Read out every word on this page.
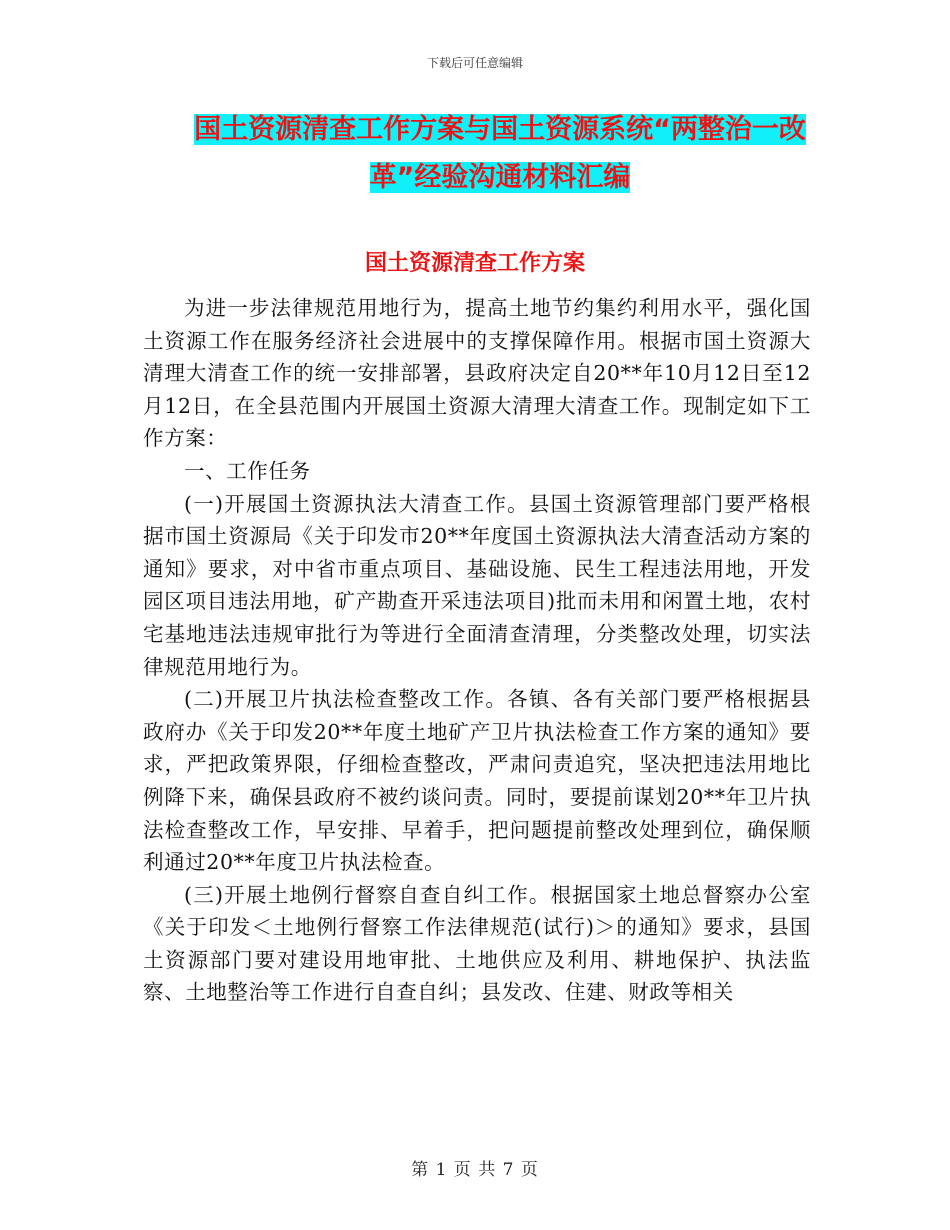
下载后可任意编辑
国土资源清查工作方案与国土资源系统“两整治一改
革”经验沟通材料汇编
国土资源清查工作方案

为进一步法律规范用地行为，提高土地节约集约利用水平，强化国土资源工作在服务经济社会进展中的支撑保障作用。根据市国土资源大清理大清查工作的统一安排部署，县政府决定自20**年10月12日至12月12日，在全县范围内开展国土资源大清理大清查工作。现制定如下工作方案：

一、工作任务

(一)开展国土资源执法大清查工作。县国土资源管理部门要严格根据市国土资源局《关于印发市20**年度国土资源执法大清查活动方案的通知》要求，对中省市重点项目、基础设施、民生工程违法用地，开发园区项目违法用地，矿产勘查开采违法项目)批而未用和闲置土地，农村宅基地违法违规审批行为等进行全面清查清理，分类整改处理，切实法律规范用地行为。

(二)开展卫片执法检查整改工作。各镇、各有关部门要严格根据县政府办《关于印发20**年度土地矿产卫片执法检查工作方案的通知》要求，严把政策界限，仔细检查整改，严肃问责追究，坚决把违法用地比例降下来，确保县政府不被约谈问责。同时，要提前谋划20**年卫片执法检查整改工作，早安排、早着手，把问题提前整改处理到位，确保顺利通过20**年度卫片执法检查。

(三)开展土地例行督察自查自纠工作。根据国家土地总督察办公室《关于印发＜土地例行督察工作法律规范(试行)＞的通知》要求，县国土资源部门要对建设用地审批、土地供应及利用、耕地保护、执法监察、土地整治等工作进行自查自纠；县发改、住建、财政等相关

第 1 页 共 7 页
